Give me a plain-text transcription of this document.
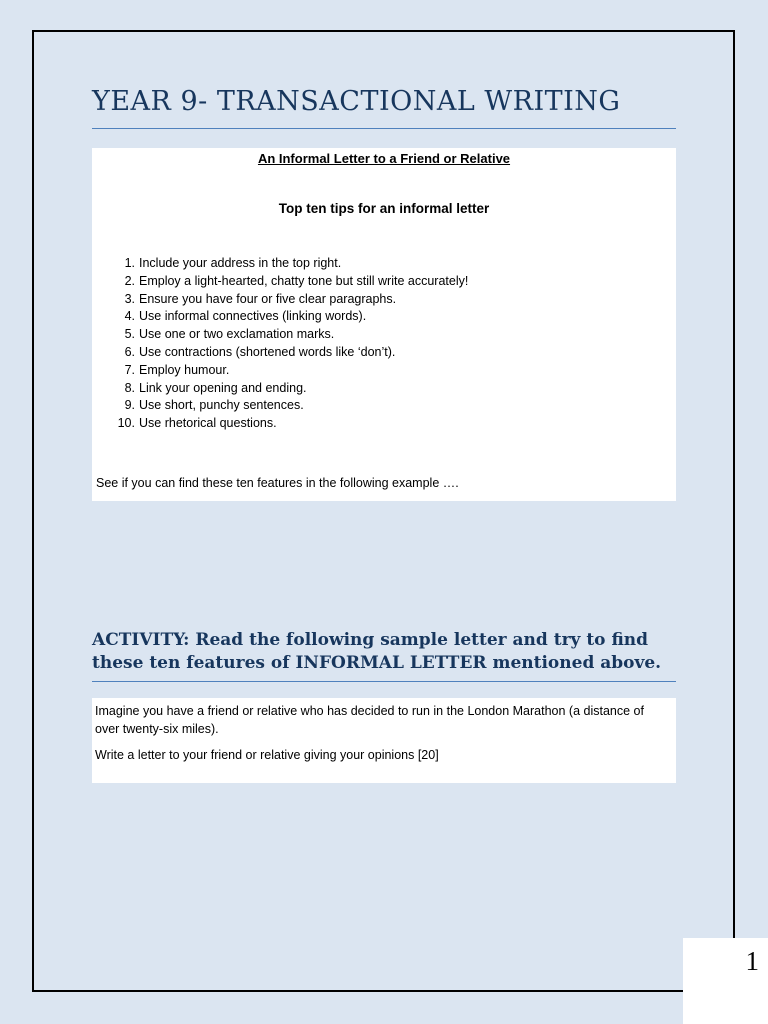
YEAR 9- TRANSACTIONAL WRITING
An Informal Letter to a Friend or Relative
Top ten tips for an informal letter
1. Include your address in the top right.
2. Employ a light-hearted, chatty tone but still write accurately!
3. Ensure you have four or five clear paragraphs.
4. Use informal connectives (linking words).
5. Use one or two exclamation marks.
6. Use contractions (shortened words like ‘don’t).
7. Employ humour.
8. Link your opening and ending.
9. Use short, punchy sentences.
10. Use rhetorical questions.
See if you can find these ten features in the following example ….
ACTIVITY: Read the following sample letter and try to find
these ten features of INFORMAL LETTER mentioned above.
Imagine you have a friend or relative who has decided to run in the London Marathon (a distance of
over twenty-six miles).
Write a letter to your friend or relative giving your opinions [20]
1
